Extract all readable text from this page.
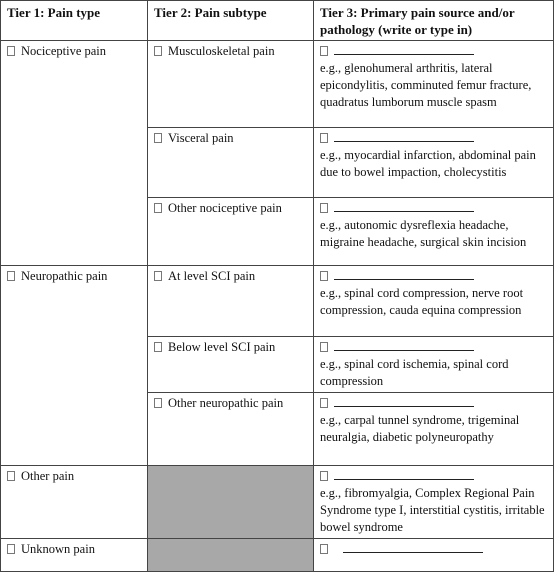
Tier 1: Pain type	Tier 2: Pain subtype	Tier 3: Primary pain source and/or pathology (write or type in)
Nociceptive pain	Musculoskeletal pain	e.g., glenohumeral arthritis, lateral epicondylitis, comminuted femur fracture, quadratus lumborum muscle spasm
	Visceral pain	e.g., myocardial infarction, abdominal pain due to bowel impaction, cholecystitis
	Other nociceptive pain	e.g., autonomic dysreflexia headache, migraine headache, surgical skin incision
Neuropathic pain	At level SCI pain	e.g., spinal cord compression, nerve root compression, cauda equina compression
	Below level SCI pain	e.g., spinal cord ischemia, spinal cord compression
	Other neuropathic pain	e.g., carpal tunnel syndrome, trigeminal neuralgia, diabetic polyneuropathy
Other pain		e.g., fibromyalgia, Complex Regional Pain Syndrome type I, interstitial cystitis, irritable bowel syndrome
Unknown pain		
